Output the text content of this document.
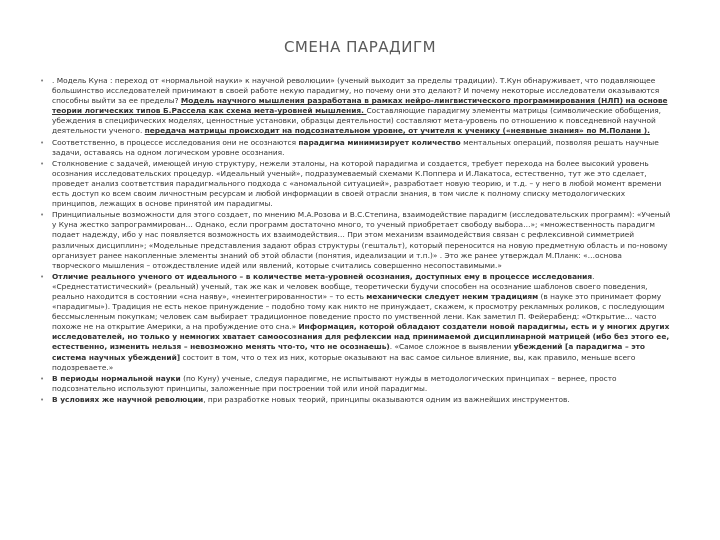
СМЕНА ПАРАДИГМ
• . Модель Куна : переход от «нормальной науки» к научной революции» (ученый выходит за пределы традиции). Т.Кун обнаруживает, что подавляющее большинство исследователей принимают в своей работе некую парадигму, но почему они это делают? И почему некоторые исследователи оказываются способны выйти за ее пределы? Модель научного мышления разработана в рамках нейро-лингвистического программирования (НЛП) на основе теории логических типов Б.Рассела как схема мета-уровней мышления. Составляющие парадигму элементы матрицы (символические обобщения, убеждения в специфических моделях, ценностные установки, образцы деятельности) составляют мета-уровень по отношению к повседневной научной деятельности ученого. передача матрицы происходит на подсознательном уровне, от учителя к ученику («неявные знания» по М.Полани ).
• Соответственно, в процессе исследования они не осознаются парадигма минимизирует количество ментальных операций, позволяя решать научные задачи, оставаясь на одном логическом уровне осознания.
• Столкновение с задачей, имеющей иную структуру, нежели эталоны, на которой парадигма и создается, требует перехода на более высокий уровень осознания исследовательских процедур. «Идеальный ученый», подразумеваемый схемами К.Поппера и И.Лакатоса, естественно, тут же это сделает, проведет анализ соответствия парадигмального подхода с «аномальной ситуацией», разработает новую теорию, и т.д. – у него в любой момент времени есть доступ ко всем своим личностным ресурсам и любой информации в своей отрасли знания, в том числе к полному списку методологических принципов, лежащих в основе принятой им парадигмы.
• Принципиальные возможности для этого создает, по мнению М.А.Розова и В.С.Степина, взаимодействие парадигм (исследовательских программ): «Ученый у Куна жестко запрограммирован… Однако, если программ достаточно много, то ученый приобретает свободу выбора…»; «множественность парадигм подает надежду, ибо у нас появляется возможность их взаимодействия… При этом механизм взаимодействия связан с рефлексивной симметрией различных дисциплин»; «Модельные представления задают образ структуры (гештальт), который переносится на новую предметную область и по-новому организует ранее накопленные элементы знаний об этой области (понятия, идеализации и т.п.)» . Это же ранее утверждал М.Планк: «…основа творческого мышления – отождествление идей или явлений, которые считались совершенно несопоставимыми.»
• Отличие реального ученого от идеального – в количестве мета-уровней осознания, доступных ему в процессе исследования. «Среднестатистический» (реальный) ученый, так же как и человек вообще, теоретически будучи способен на осознание шаблонов своего поведения, реально находится в состоянии «сна наяву», «неинтегрированности» – то есть механически следует неким традициям (в науке это принимает форму «парадигмы»). Традиция не есть некое принуждение – подобно тому как никто не принуждает, скажем, к просмотру рекламных роликов, с последующим бессмысленным покупкам; человек сам выбирает традиционное поведение просто по умственной лени. Как заметил П. Фейерабенд: «Открытие… часто похоже не на открытие Америки, а на пробуждение ото сна.» Информация, которой обладают создатели новой парадигмы, есть и у многих других исследователей, но только у немногих хватает самоосознания для рефлексии над принимаемой дисциплинарной матрицей (ибо без этого ее, естественно, изменить нельзя – невозможно менять что-то, что не осознаешь). «Самое сложное в выявлении убеждений [а парадигма – это система научных убеждений] состоит в том, что о тех из них, которые оказывают на вас самое сильное влияние, вы, как правило, меньше всего подозреваете.»
• В периоды нормальной науки (по Куну) ученые, следуя парадигме, не испытывают нужды в методологических принципах – вернее, просто подсознательно используют принципы, заложенные при построении той или иной парадигмы.
• В условиях же научной революции, при разработке новых теорий, принципы оказываются одним из важнейших инструментов.
